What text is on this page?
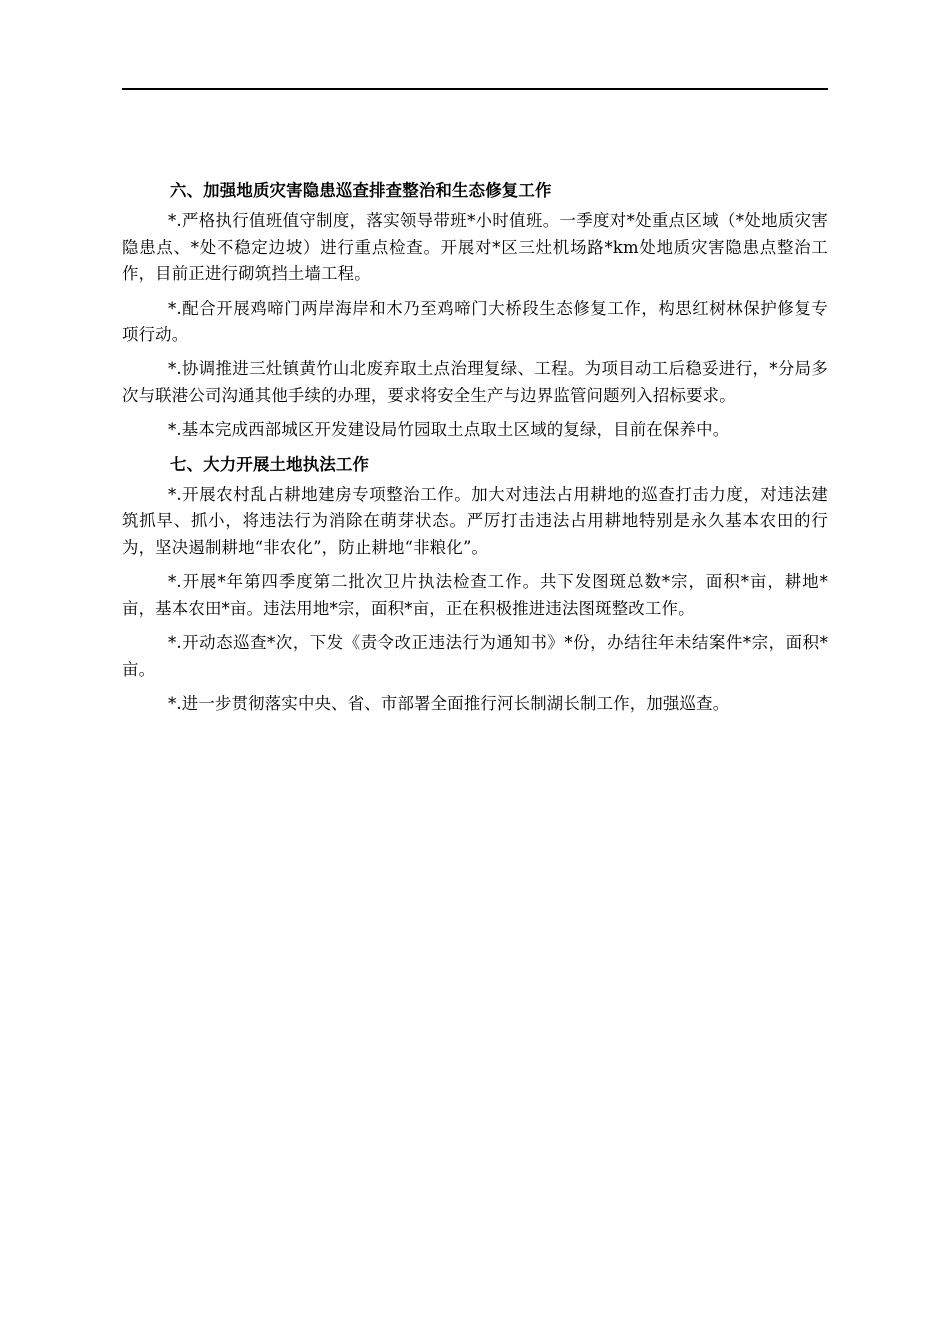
六、加强地质灾害隐患巡查排查整治和生态修复工作

*.严格执行值班值守制度，落实领导带班*小时值班。一季度对*处重点区域（*处地质灾害隐患点、*处不稳定边坡）进行重点检查。开展对*区三灶机场路*km处地质灾害隐患点整治工作，目前正进行砌筑挡土墙工程。

*.配合开展鸡啼门两岸海岸和木乃至鸡啼门大桥段生态修复工作，构思红树林保护修复专项行动。

*.协调推进三灶镇黄竹山北废弃取土点治理复绿、工程。为项目动工后稳妥进行，*分局多次与联港公司沟通其他手续的办理，要求将安全生产与边界监管问题列入招标要求。

*.基本完成西部城区开发建设局竹园取土点取土区域的复绿，目前在保养中。

七、大力开展土地执法工作

*.开展农村乱占耕地建房专项整治工作。加大对违法占用耕地的巡查打击力度，对违法建筑抓早、抓小，将违法行为消除在萌芽状态。严厉打击违法占用耕地特别是永久基本农田的行为，坚决遏制耕地“非农化”，防止耕地“非粮化”。

*.开展*年第四季度第二批次卫片执法检查工作。共下发图斑总数*宗，面积*亩，耕地*亩，基本农田*亩。违法用地*宗，面积*亩，正在积极推进违法图斑整改工作。

*.开动态巡查*次，下发《责令改正违法行为通知书》*份，办结往年未结案件*宗，面积*亩。

*.进一步贯彻落实中央、省、市部署全面推行河长制湖长制工作，加强巡查。
